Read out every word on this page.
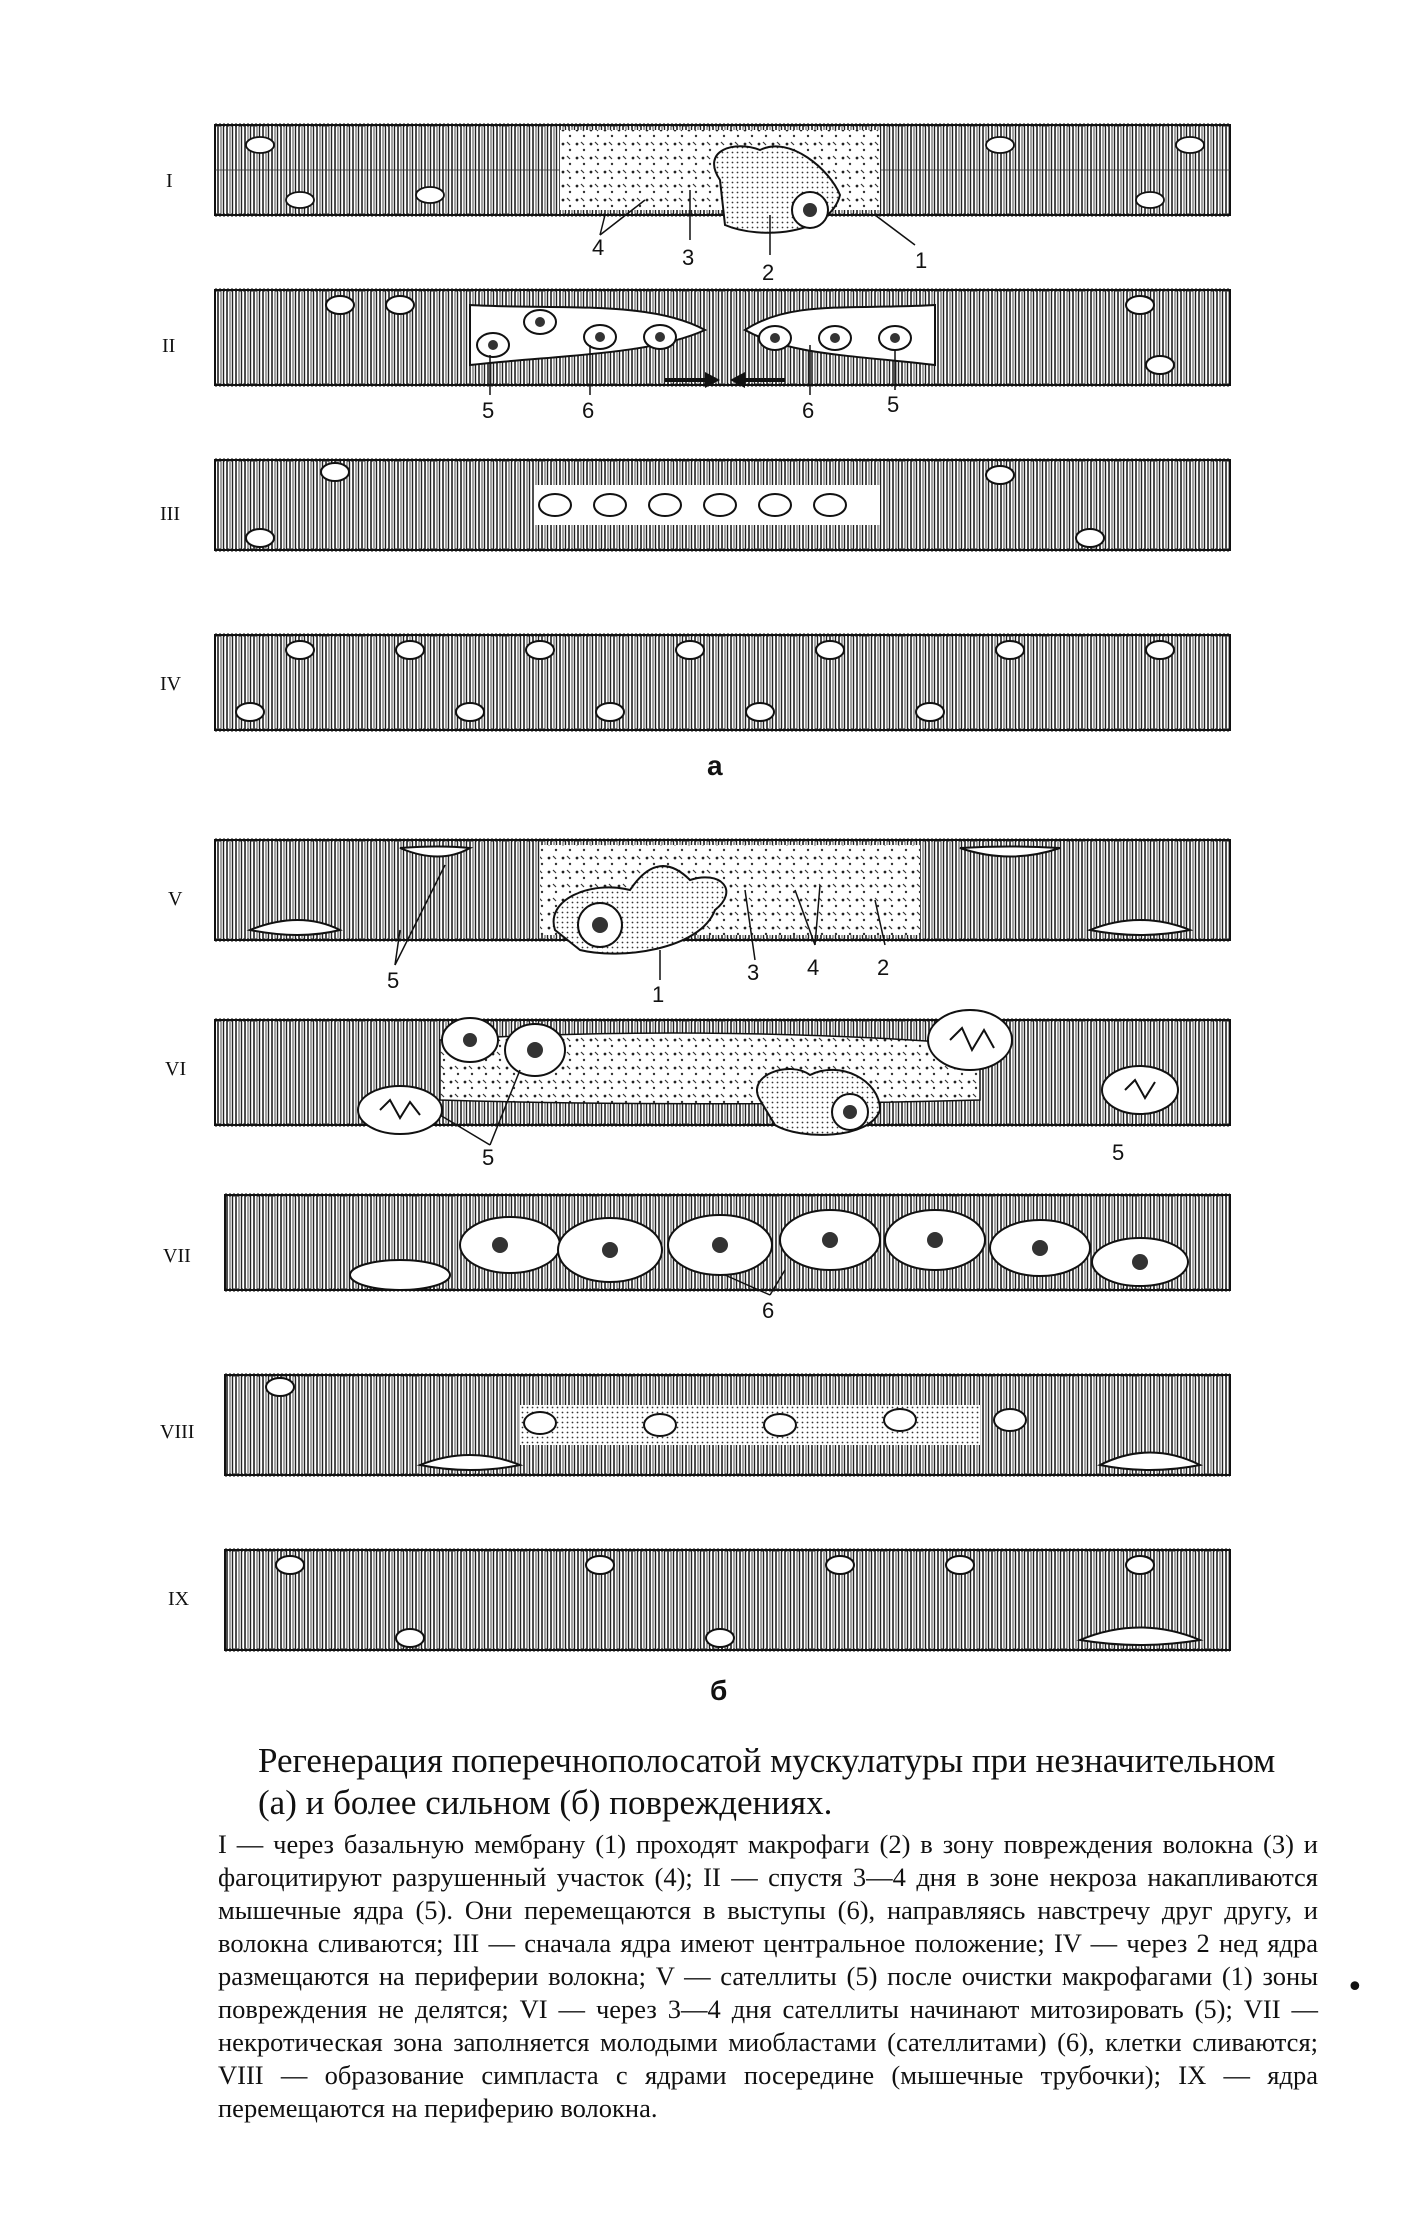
I
4	3
2	1
II
5	6	6	5
III
IV
а
V
5
1
3 4	2
VI
5	5
VII
6
VIII
IX
б
Регенерация поперечнополосатой мускулатуры при незначительном (а) и более сильном (б) повреждениях.
I — через базальную мембрану (1) проходят макрофаги (2) в зону повреждения волокна (3) и фагоцитируют разрушенный участок (4); II — спустя 3—4 дня в зоне некроза накапливаются мышечные ядра (5). Они перемещаются в выступы (6), направляясь навстречу друг другу, и волокна сливаются; III — сначала ядра имеют центральное положение; IV — через 2 нед ядра размещаются на периферии волокна; V — сателлиты (5) после очистки макрофагами (1) зоны повреждения не делятся; VI — через 3—4 дня сателлиты начинают митозировать (5); VII — некротическая зона заполняется молодыми миобластами (сателлитами) (6), клетки сливаются; VIII — образование симпласта с ядрами посередине (мышечные трубочки); IX — ядра перемещаются на периферию волокна.
•
